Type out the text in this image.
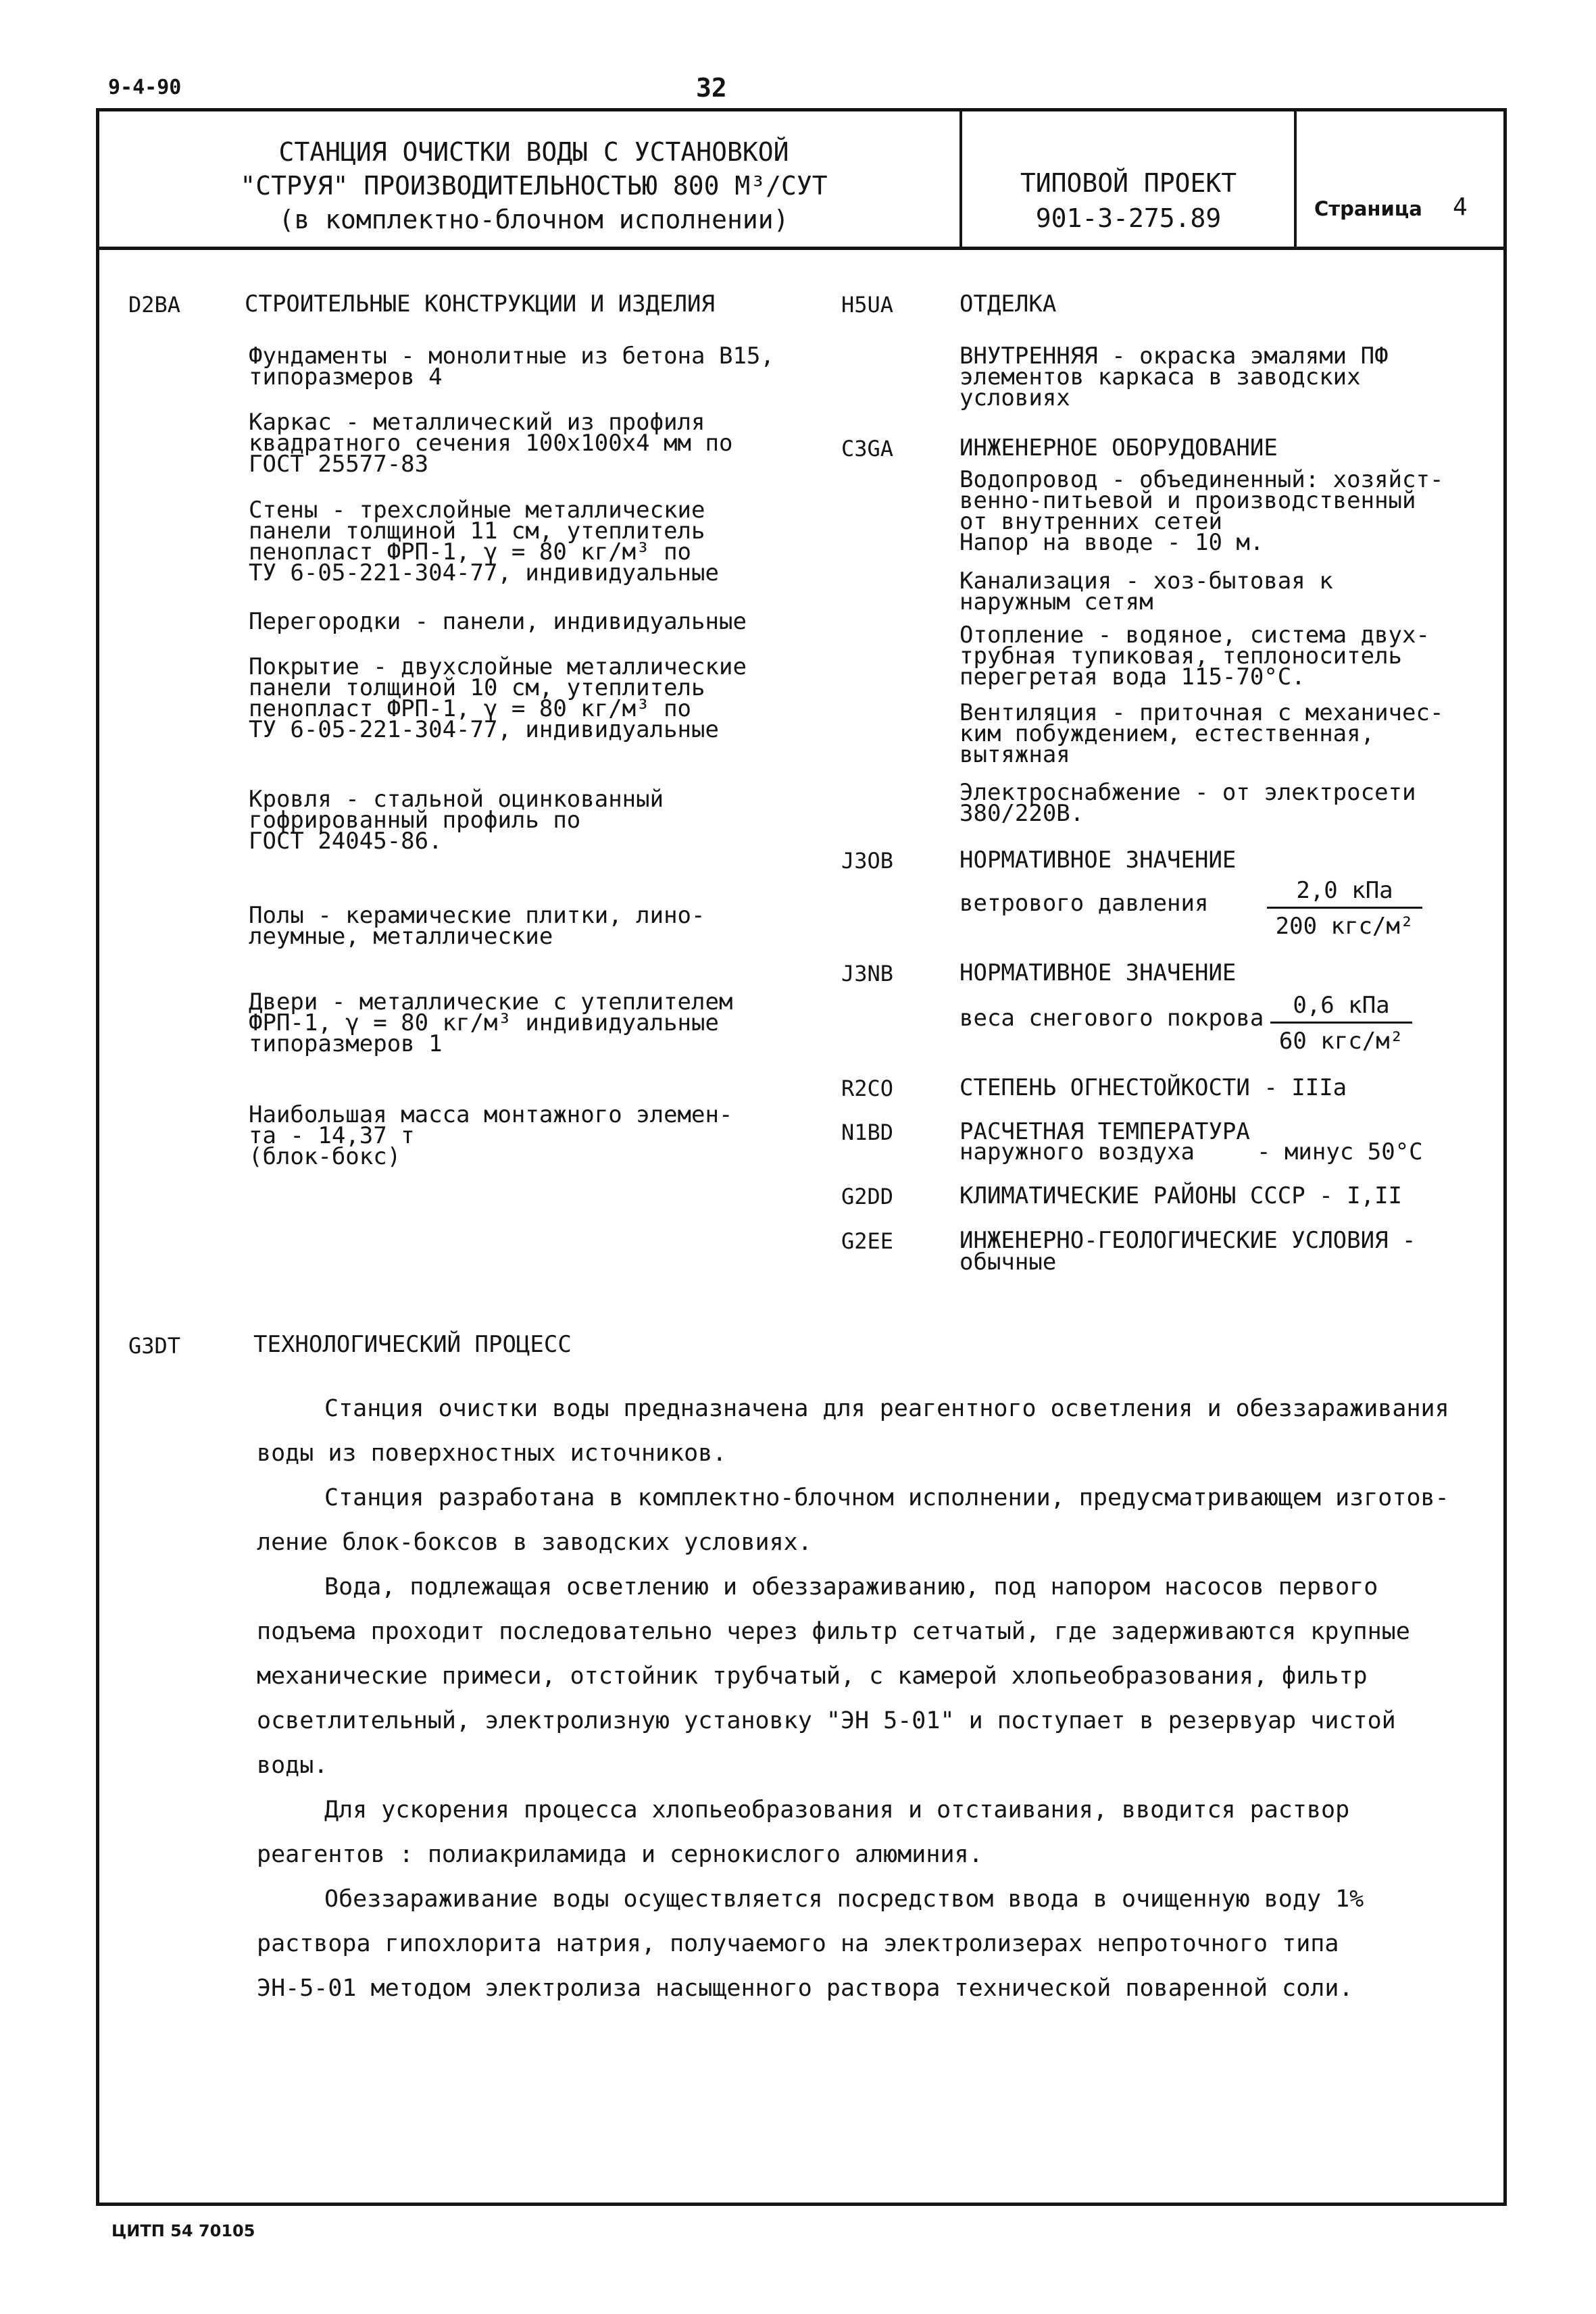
9-4-90	32
СТАНЦИЯ ОЧИСТКИ ВОДЫ С УСТАНОВКОЙ
"СТРУЯ" ПРОИЗВОДИТЕЛЬНОСТЬЮ 800 М³/СУТ
(в комплектно-блочном исполнении)
ТИПОВОЙ ПРОЕКТ
901-3-275.89	Страница 4
D2BA	СТРОИТЕЛЬНЫЕ КОНСТРУКЦИИ И ИЗДЕЛИЯ
Фундаменты - монолитные из бетона В15,
типоразмеров 4
Каркас - металлический из профиля
квадратного сечения 100х100х4 мм по
ГОСТ 25577-83
Стены - трехслойные металлические
панели толщиной 11 см, утеплитель
пенопласт ФРП-1, γ = 80 кг/м³ по
ТУ 6-05-221-304-77, индивидуальные
Перегородки - панели, индивидуальные
Покрытие - двухслойные металлические
панели толщиной 10 см, утеплитель
пенопласт ФРП-1, γ = 80 кг/м³ по
ТУ 6-05-221-304-77, индивидуальные
Кровля - стальной оцинкованный
гофрированный профиль по
ГОСТ 24045-86.
Полы - керамические плитки, лино-
леумные, металлические
Двери - металлические с утеплителем
ФРП-1, γ = 80 кг/м³ индивидуальные
типоразмеров 1
Наибольшая масса монтажного элемен-
та - 14,37 т
(блок-бокс)
H5UA	ОТДЕЛКА
ВНУТРЕННЯЯ - окраска эмалями ПФ
элементов каркаса в заводских
условиях
C3GA	ИНЖЕНЕРНОЕ ОБОРУДОВАНИЕ
Водопровод - объединенный: хозяйст-
венно-питьевой и производственный
от внутренних сетей
Напор на вводе - 10 м.
Канализация - хоз-бытовая к
наружным сетям
Отопление - водяное, система двух-
трубная тупиковая, теплоноситель
перегретая вода 115-70°С.
Вентиляция - приточная с механичес-
ким побуждением, естественная,
вытяжная
Электроснабжение - от электросети
380/220В.
J3OB	НОРМАТИВНОЕ ЗНАЧЕНИЕ
ветрового давления	2,0 кПа
200 кгс/м²
J3NB	НОРМАТИВНОЕ ЗНАЧЕНИЕ
веса снегового покрова	0,6 кПа
60 кгс/м²
R2CO	СТЕПЕНЬ ОГНЕСТОЙКОСТИ - IIIа
N1BD	РАСЧЕТНАЯ ТЕМПЕРАТУРА
наружного воздуха	- минус 50°С
G2DD	КЛИМАТИЧЕСКИЕ РАЙОНЫ СССР - I,II
G2EE	ИНЖЕНЕРНО-ГЕОЛОГИЧЕСКИЕ УСЛОВИЯ -
обычные
G3DT	ТЕХНОЛОГИЧЕСКИЙ ПРОЦЕСС
Станция очистки воды предназначена для реагентного осветления и обеззараживания
воды из поверхностных источников.
Станция разработана в комплектно-блочном исполнении, предусматривающем изготов-
ление блок-боксов в заводских условиях.
Вода, подлежащая осветлению и обеззараживанию, под напором насосов первого
подъема проходит последовательно через фильтр сетчатый, где задерживаются крупные
механические примеси, отстойник трубчатый, с камерой хлопьеобразования, фильтр
осветлительный, электролизную установку "ЭН 5-01" и поступает в резервуар чистой
воды.
Для ускорения процесса хлопьеобразования и отстаивания, вводится раствор
реагентов : полиакриламида и сернокислого алюминия.
Обеззараживание воды осуществляется посредством ввода в очищенную воду 1%
раствора гипохлорита натрия, получаемого на электролизерах непроточного типа
ЭН-5-01 методом электролиза насыщенного раствора технической поваренной соли.
ЦИТП 54 70105
